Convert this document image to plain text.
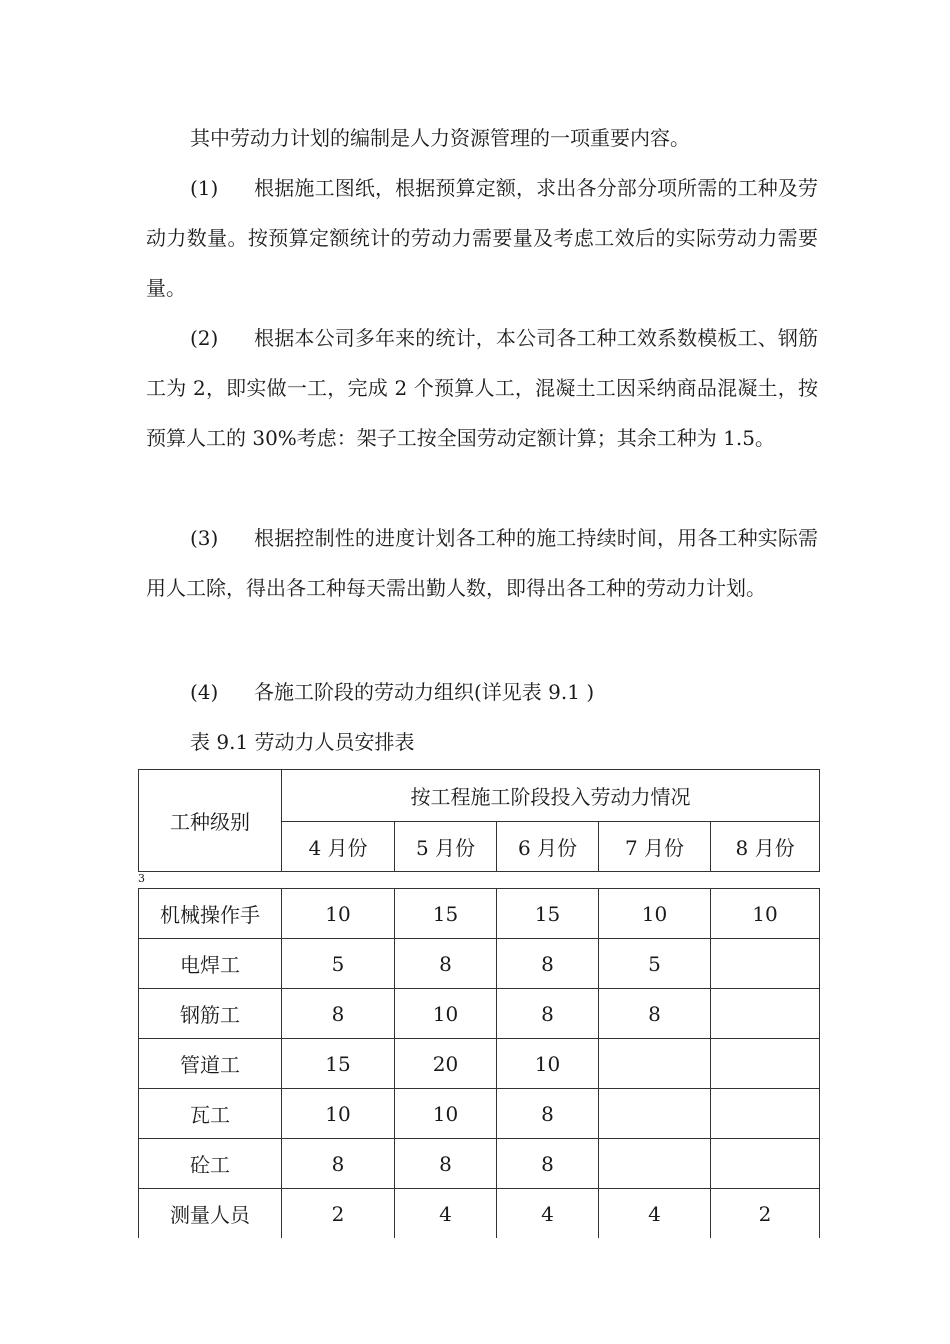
其中劳动力计划的编制是人力资源管理的一项重要内容。

(1) 根据施工图纸，根据预算定额，求出各分部分项所需的工种及劳动力数量。按预算定额统计的劳动力需要量及考虑工效后的实际劳动力需要量。

(2) 根据本公司多年来的统计，本公司各工种工效系数模板工、钢筋工为 2，即实做一工，完成 2 个预算人工，混凝土工因采纳商品混凝土，按预算人工的 30%考虑：架子工按全国劳动定额计算；其余工种为 1.5。

(3) 根据控制性的进度计划各工种的施工持续时间，用各工种实际需用人工除，得出各工种每天需出勤人数，即得出各工种的劳动力计划。

(4) 各施工阶段的劳动力组织(详见表 9.1 )

表 9.1 劳动力人员安排表

工种级别	按工程施工阶段投入劳动力情况				
	4 月份	5 月份	6 月份	7 月份	8 月份
3
机械操作手	10	15	15	10	10
电焊工	5	8	8	5	
钢筋工	8	10	8	8	
管道工	15	20	10		
瓦工	10	10	8		
砼工	8	8	8		
测量人员	2	4	4	4	2
